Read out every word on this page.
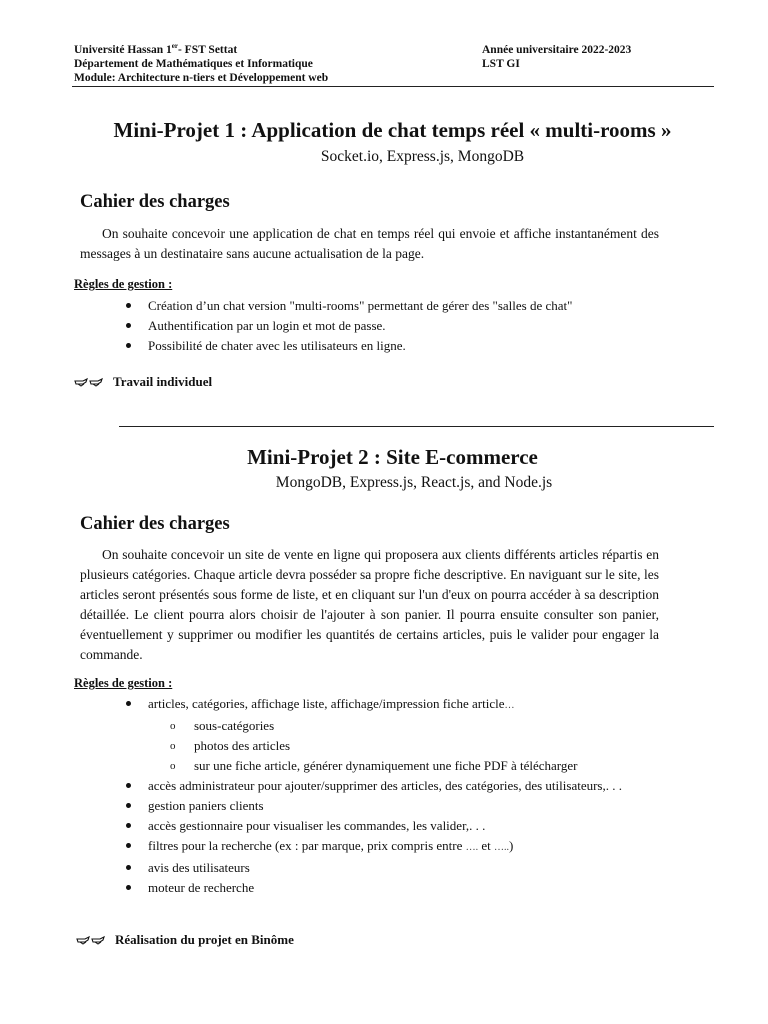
Université Hassan 1er- FST Settat
Département de Mathématiques et Informatique
Module: Architecture n-tiers et Développement web
Année universitaire 2022-2023
LST GI
Mini-Projet 1 : Application de chat temps réel « multi-rooms »
Socket.io, Express.js, MongoDB
Cahier des charges
On souhaite concevoir une application de chat en temps réel qui envoie et affiche instantanément des messages à un destinataire sans aucune actualisation de la page.
Règles de gestion :
Création d’un chat version "multi-rooms" permettant de gérer des "salles de chat"
Authentification par un login et mot de passe.
Possibilité de chater avec les utilisateurs en ligne.
Travail individuel
Mini-Projet 2 : Site E-commerce
MongoDB, Express.js, React.js, and Node.js
Cahier des charges
On souhaite concevoir un site de vente en ligne qui proposera aux clients différents articles répartis en plusieurs catégories. Chaque article devra posséder sa propre fiche descriptive. En naviguant sur le site, les articles seront présentés sous forme de liste, et en cliquant sur l'un d'eux on pourra accéder à sa description détaillée. Le client pourra alors choisir de l'ajouter à son panier. Il pourra ensuite consulter son panier, éventuellement y supprimer ou modifier les quantités de certains articles, puis le valider pour engager la commande.
Règles de gestion :
articles, catégories, affichage liste, affichage/impression fiche article…
o sous-catégories
o photos des articles
o sur une fiche article, générer dynamiquement une fiche PDF à télécharger
accès administrateur pour ajouter/supprimer des articles, des catégories, des utilisateurs,. . .
gestion paniers clients
accès gestionnaire pour visualiser les commandes, les valider,. . .
filtres pour la recherche (ex : par marque, prix compris entre …. et …..)
avis des utilisateurs
moteur de recherche
Réalisation du projet en Binôme
